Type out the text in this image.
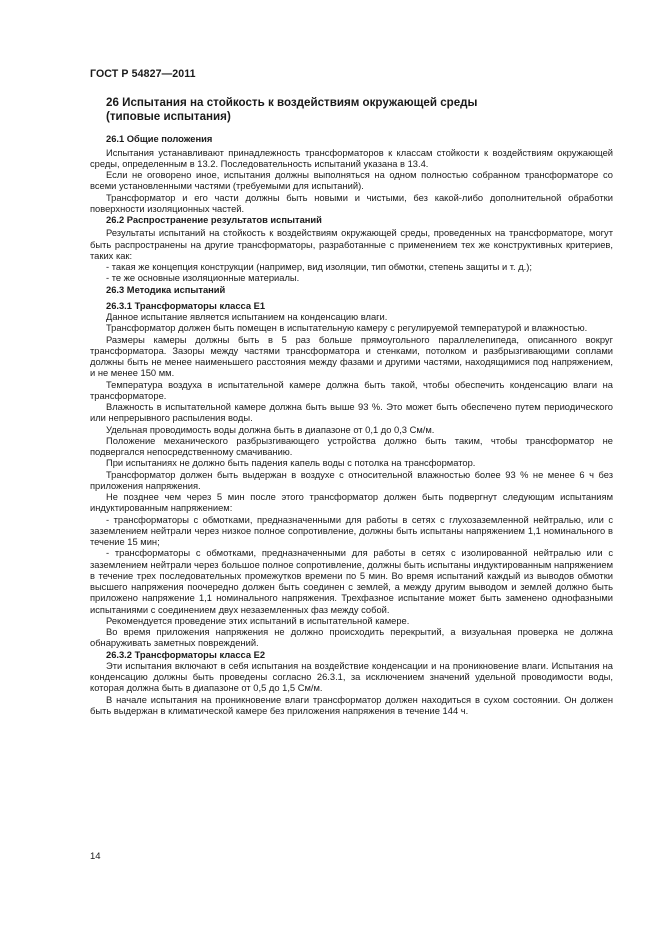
ГОСТ Р 54827—2011
26 Испытания на стойкость к воздействиям окружающей среды
(типовые испытания)

26.1 Общие положения

Испытания устанавливают принадлежность трансформаторов к классам стойкости к воздействиям окружающей среды, определенным в 13.2. Последовательность испытаний указана в 13.4.

Если не оговорено иное, испытания должны выполняться на одном полностью собранном трансформаторе со всеми установленными частями (требуемыми для испытаний).

Трансформатор и его части должны быть новыми и чистыми, без какой-либо дополнительной обработки поверхности изоляционных частей.

26.2 Распространение результатов испытаний

Результаты испытаний на стойкость к воздействиям окружающей среды, проведенных на трансформаторе, могут быть распространены на другие трансформаторы, разработанные с применением тех же конструктивных критериев, таких как:

- такая же концепция конструкции (например, вид изоляции, тип обмотки, степень защиты и т. д.);

- те же основные изоляционные материалы.

26.3 Методика испытаний

26.3.1 Трансформаторы класса Е1

Данное испытание является испытанием на конденсацию влаги.

Трансформатор должен быть помещен в испытательную камеру с регулируемой температурой и влажностью.

Размеры камеры должны быть в 5 раз больше прямоугольного параллелепипеда, описанного вокруг трансформатора. Зазоры между частями трансформатора и стенками, потолком и разбрызгивающими соплами должны быть не менее наименьшего расстояния между фазами и другими частями, находящимися под напряжением, и не менее 150 мм.

Температура воздуха в испытательной камере должна быть такой, чтобы обеспечить конденсацию влаги на трансформаторе.

Влажность в испытательной камере должна быть выше 93 %. Это может быть обеспечено путем периодического или непрерывного распыления воды.

Удельная проводимость воды должна быть в диапазоне от 0,1 до 0,3 См/м.

Положение механического разбрызгивающего устройства должно быть таким, чтобы трансформатор не подвергался непосредственному смачиванию.

При испытаниях не должно быть падения капель воды с потолка на трансформатор.

Трансформатор должен быть выдержан в воздухе с относительной влажностью более 93 % не менее 6 ч без приложения напряжения.

Не позднее чем через 5 мин после этого трансформатор должен быть подвергнут следующим испытаниям индуктированным напряжением:

- трансформаторы с обмотками, предназначенными для работы в сетях с глухозаземленной нейтралью, или с заземлением нейтрали через низкое полное сопротивление, должны быть испытаны напряжением 1,1 номинального в течение 15 мин;

- трансформаторы с обмотками, предназначенными для работы в сетях с изолированной нейтралью или с заземлением нейтрали через большое полное сопротивление, должны быть испытаны индуктированным напряжением в течение трех последовательных промежутков времени по 5 мин. Во время испытаний каждый из выводов обмотки высшего напряжения поочередно должен быть соединен с землей, а между другим выводом и землей должно быть приложено напряжение 1,1 номинального напряжения. Трехфазное испытание может быть заменено однофазными испытаниями с соединением двух незаземленных фаз между собой.

Рекомендуется проведение этих испытаний в испытательной камере.

Во время приложения напряжения не должно происходить перекрытий, а визуальная проверка не должна обнаруживать заметных повреждений.

26.3.2 Трансформаторы класса Е2

Эти испытания включают в себя испытания на воздействие конденсации и на проникновение влаги. Испытания на конденсацию должны быть проведены согласно 26.3.1, за исключением значений удельной проводимости воды, которая должна быть в диапазоне от 0,5 до 1,5 См/м.

В начале испытания на проникновение влаги трансформатор должен находиться в сухом состоянии. Он должен быть выдержан в климатической камере без приложения напряжения в течение 144 ч.

14
